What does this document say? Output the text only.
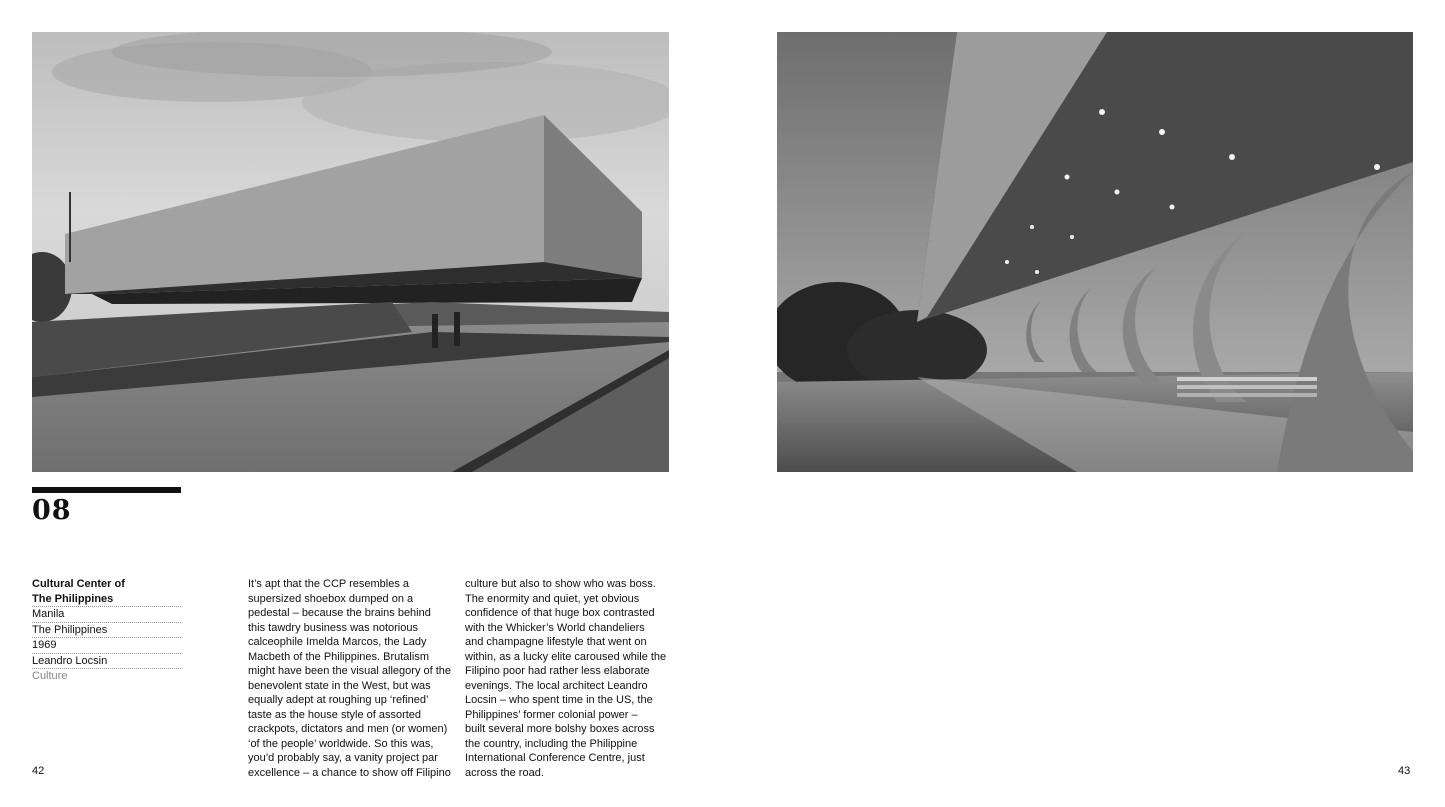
08
Cultural Center of
The Philippines
Manila
The Philippines
1969
Leandro Locsin
Culture
It’s apt that the CCP resembles a
supersized shoebox dumped on a
pedestal – because the brains behind
this tawdry business was notorious
calceophile Imelda Marcos, the Lady
Macbeth of the Philippines. Brutalism
might have been the visual allegory of the
benevolent state in the West, but was
equally adept at roughing up ‘refined’
taste as the house style of assorted
crackpots, dictators and men (or women)
‘of the people’ worldwide. So this was,
you’d probably say, a vanity project par
excellence – a chance to show off Filipino
culture but also to show who was boss.
The enormity and quiet, yet obvious
confidence of that huge box contrasted
with the Whicker’s World chandeliers
and champagne lifestyle that went on
within, as a lucky elite caroused while the
Filipino poor had rather less elaborate
evenings. The local architect Leandro
Locsin – who spent time in the US, the
Philippines’ former colonial power –
built several more bolshy boxes across
the country, including the Philippine
International Conference Centre, just
across the road.
42	43
